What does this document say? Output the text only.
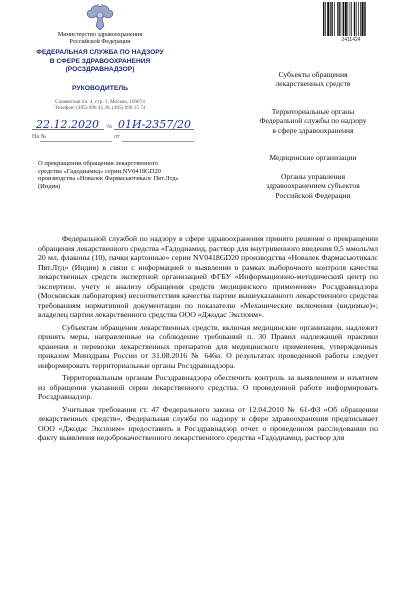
Министерство здравоохранения
Российской Федерации
ФЕДЕРАЛЬНАЯ СЛУЖБА ПО НАДЗОРУ
В СФЕРЕ ЗДРАВООХРАНЕНИЯ
(РОСЗДРАВНАДЗОР)
РУКОВОДИТЕЛЬ
Славянская пл. 4, стр. 1, Москва, 109074
Телефон: (495) 698 45 38, (495) 698 15 74
22.12.2020 № 01И-2357/20
На №	от
2411424
Субъекты обращения
лекарственных средств
Территориальные органы
Федеральной службы по надзору
в сфере здравоохранения
Медицинские организации
Органы управления
здравоохранением субъектов
Российской Федерации
О прекращении обращения лекарственного
средства «Гадодиамид» серии NV0418GD20
производства «Новалек Фармасьютикалс Пвт.Лтд»
(Индия)

Федеральной службой по надзору в сфере здравоохранения принято решение о прекращении обращения лекарственного средства «Гадодиамид, раствор для внутривенного введения 0,5 ммоль/мл 20 мл, флаконы (10), пачки картонные» серии NV0418GD20 производства «Новалек Фармасьютикалс Пвт.Лтд» (Индия) в связи с информацией о выявлении в рамках выборочного контроля качества лекарственных средств экспертной организацией ФГБУ «Информационно-методический центр по экспертизе, учету и анализу обращения средств медицинского применения» Росздравнадзора (Московская лаборатория) несоответствия качества партии вышеуказанного лекарственного средства требованиям нормативной документации по показателю «Механические включения (видимые)»; владелец партии лекарственного средства ООО «Джодас Экспоим».

Субъектам обращения лекарственных средств, включая медицинские организации, надлежит принять меры, направленные на соблюдение требований п. 30 Правил надлежащей практики хранения и перевозки лекарственных препаратов для медицинского применения, утвержденных приказом Минздрава России от 31.08.2016 № 646н. О результатах проведенной работы следует информировать территориальные органы Росздравнадзора.

Территориальным органам Росздравнадзора обеспечить контроль за выявлением и изъятием из обращения указанной серии лекарственного средства. О проведенной работе информировать Росздравнадзор.

Учитывая требования ст. 47 Федерального закона от 12.04.2010 № 61-ФЗ «Об обращении лекарственных средств», Федеральная служба по надзору в сфере здравоохранения предписывает ООО «Джодас Экспоим» предоставить в Росздравнадзор отчет о проведенном расследовании по факту выявления недоброкачественного лекарственного средства «Гадодиамид, раствор для
